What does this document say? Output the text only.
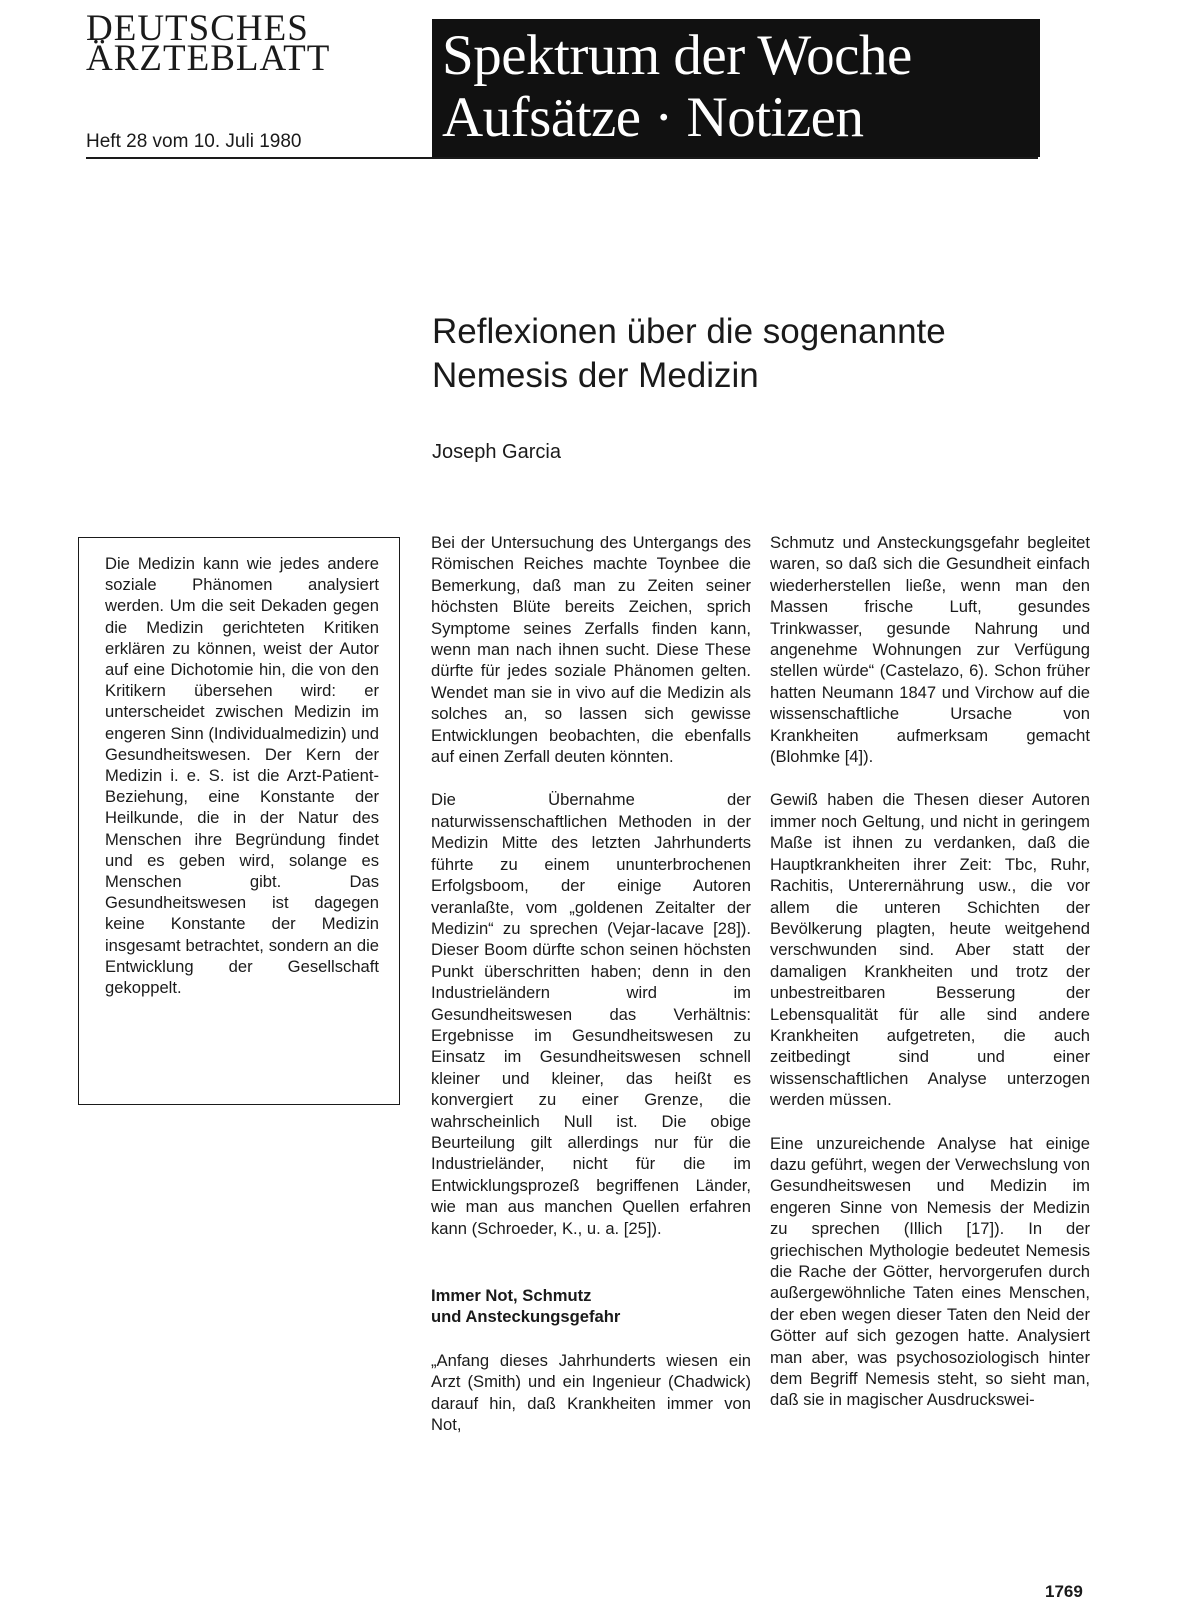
DEUTSCHES
ÄRZTEBLATT
Heft 28 vom 10. Juli 1980
Spektrum der Woche
Aufsätze · Notizen
Reflexionen über die sogenannte
Nemesis der Medizin
Joseph Garcia

Die Medizin kann wie jedes andere soziale Phänomen analysiert werden. Um die seit Dekaden gegen die Medizin gerichteten Kritiken erklären zu können, weist der Autor auf eine Dichotomie hin, die von den Kritikern übersehen wird: er unterscheidet zwischen Medizin im engeren Sinn (Individualmedizin) und Gesundheitswesen. Der Kern der Medizin i. e. S. ist die Arzt-Patient-Beziehung, eine Konstante der Heilkunde, die in der Natur des Menschen ihre Begründung findet und es geben wird, solange es Menschen gibt. Das Gesundheitswesen ist dagegen keine Konstante der Medizin insgesamt betrachtet, sondern an die Entwicklung der Gesellschaft gekoppelt.

Bei der Untersuchung des Untergangs des Römischen Reiches machte Toynbee die Bemerkung, daß man zu Zeiten seiner höchsten Blüte bereits Zeichen, sprich Symptome seines Zerfalls finden kann, wenn man nach ihnen sucht. Diese These dürfte für jedes soziale Phänomen gelten. Wendet man sie in vivo auf die Medizin als solches an, so lassen sich gewisse Entwicklungen beobachten, die ebenfalls auf einen Zerfall deuten könnten.

Die Übernahme der naturwissenschaftlichen Methoden in der Medizin Mitte des letzten Jahrhunderts führte zu einem ununterbrochenen Erfolgsboom, der einige Autoren veranlaßte, vom „goldenen Zeitalter der Medizin“ zu sprechen (Vejar-lacave [28]). Dieser Boom dürfte schon seinen höchsten Punkt überschritten haben; denn in den Industrieländern wird im Gesundheitswesen das Verhältnis: Ergebnisse im Gesundheitswesen zu Einsatz im Gesundheitswesen schnell kleiner und kleiner, das heißt es konvergiert zu einer Grenze, die wahrscheinlich Null ist. Die obige Beurteilung gilt allerdings nur für die Industrieländer, nicht für die im Entwicklungsprozeß begriffenen Länder, wie man aus manchen Quellen erfahren kann (Schroeder, K., u. a. [25]).

Immer Not, Schmutz
und Ansteckungsgefahr

„Anfang dieses Jahrhunderts wiesen ein Arzt (Smith) und ein Ingenieur (Chadwick) darauf hin, daß Krankheiten immer von Not,

Schmutz und Ansteckungsgefahr begleitet waren, so daß sich die Gesundheit einfach wiederherstellen ließe, wenn man den Massen frische Luft, gesundes Trinkwasser, gesunde Nahrung und angenehme Wohnungen zur Verfügung stellen würde“ (Castelazo, 6). Schon früher hatten Neumann 1847 und Virchow auf die wissenschaftliche Ursache von Krankheiten aufmerksam gemacht (Blohmke [4]).

Gewiß haben die Thesen dieser Autoren immer noch Geltung, und nicht in geringem Maße ist ihnen zu verdanken, daß die Hauptkrankheiten ihrer Zeit: Tbc, Ruhr, Rachitis, Unterernährung usw., die vor allem die unteren Schichten der Bevölkerung plagten, heute weitgehend verschwunden sind. Aber statt der damaligen Krankheiten und trotz der unbestreitbaren Besserung der Lebensqualität für alle sind andere Krankheiten aufgetreten, die auch zeitbedingt sind und einer wissenschaftlichen Analyse unterzogen werden müssen.

Eine unzureichende Analyse hat einige dazu geführt, wegen der Verwechslung von Gesundheitswesen und Medizin im engeren Sinne von Nemesis der Medizin zu sprechen (Illich [17]). In der griechischen Mythologie bedeutet Nemesis die Rache der Götter, hervorgerufen durch außergewöhnliche Taten eines Menschen, der eben wegen dieser Taten den Neid der Götter auf sich gezogen hatte. Analysiert man aber, was psychosoziologisch hinter dem Begriff Nemesis steht, so sieht man, daß sie in magischer Ausdruckswei-

1769
